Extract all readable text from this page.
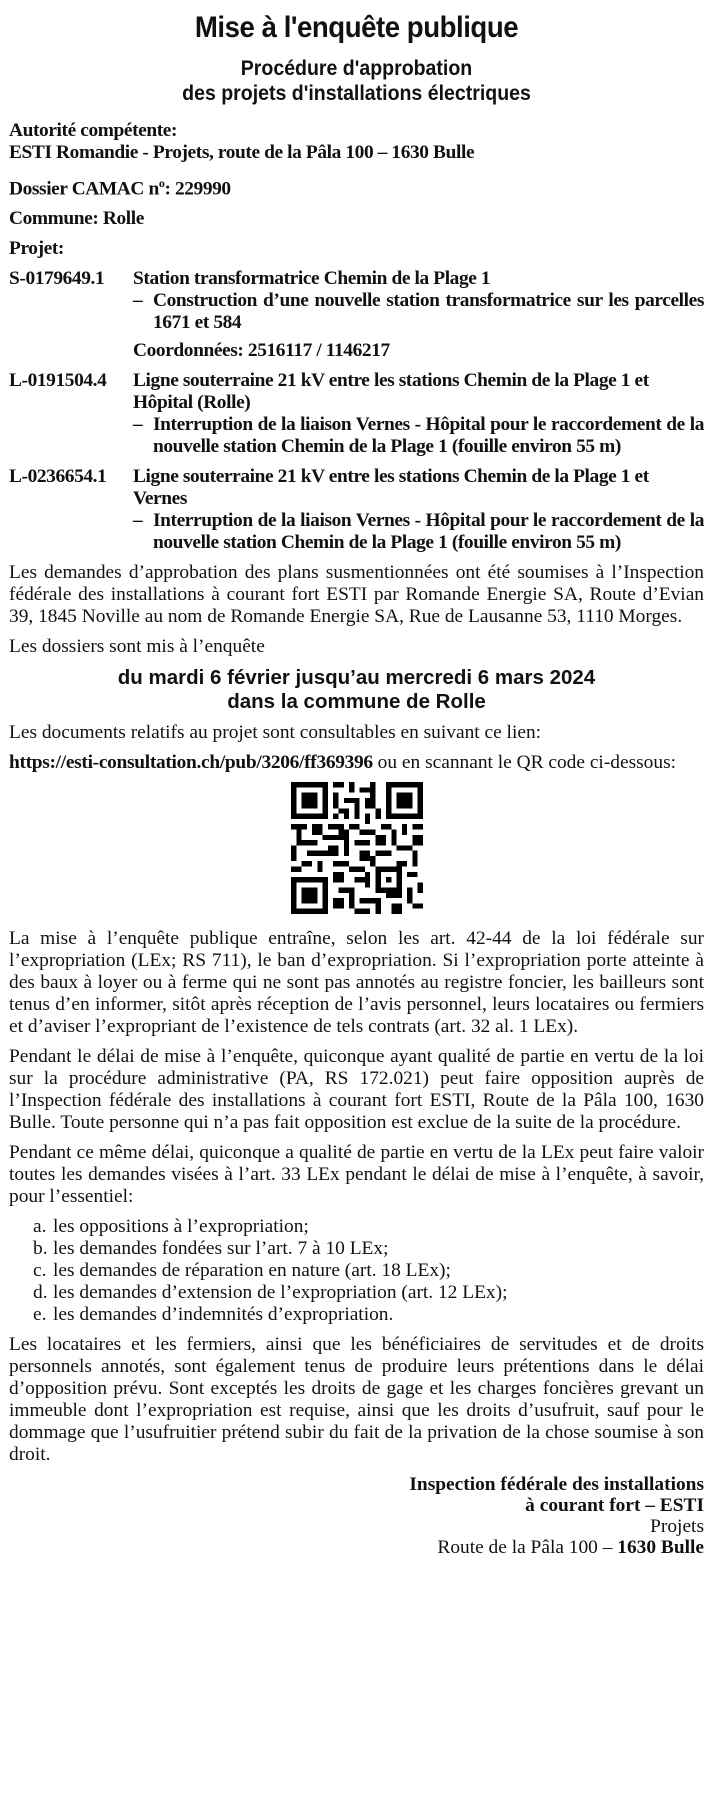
Mise à l'enquête publique
Procédure d'approbation
des projets d'installations électriques
Autorité compétente:
ESTI Romandie - Projets, route de la Pâla 100 – 1630 Bulle
Dossier CAMAC $n^o$: 229990
Commune: Rolle
Projet:
S-0179649.1	Station transformatrice Chemin de la Plage 1
– Construction d’une nouvelle station transformatrice sur les parcelles 1671 et 584
Coordonnées: 2516117 / 1146217
L-0191504.4	Ligne souterraine 21 kV entre les stations Chemin de la Plage 1 et Hôpital (Rolle)
– Interruption de la liaison Vernes - Hôpital pour le raccordement de la nouvelle station Chemin de la Plage 1 (fouille environ 55 m)
L-0236654.1	Ligne souterraine 21 kV entre les stations Chemin de la Plage 1 et Vernes
– Interruption de la liaison Vernes - Hôpital pour le raccordement de la nouvelle station Chemin de la Plage 1 (fouille environ 55 m)

Les demandes d’approbation des plans susmentionnées ont été soumises à l’Inspection fédérale des installations à courant fort ESTI par Romande Energie SA, Route d’Evian 39, 1845 Noville au nom de Romande Energie SA, Rue de Lausanne 53, 1110 Morges.

Les dossiers sont mis à l’enquête

du mardi 6 février jusqu’au mercredi 6 mars 2024
dans la commune de Rolle

Les documents relatifs au projet sont consultables en suivant ce lien:

https://esti-consultation.ch/pub/3206/ff369396 ou en scannant le QR code ci-dessous:

La mise à l’enquête publique entraîne, selon les art. 42-44 de la loi fédérale sur l’expropriation (LEx; RS 711), le ban d’expropriation. Si l’expropriation porte atteinte à des baux à loyer ou à ferme qui ne sont pas annotés au registre foncier, les bailleurs sont tenus d’en informer, sitôt après réception de l’avis personnel, leurs locataires ou fermiers et d’aviser l’expropriant de l’existence de tels contrats (art. 32 al. 1 LEx).

Pendant le délai de mise à l’enquête, quiconque ayant qualité de partie en vertu de la loi sur la procédure administrative (PA, RS 172.021) peut faire opposition auprès de l’Inspection fédérale des installations à courant fort ESTI, Route de la Pâla 100, 1630 Bulle. Toute personne qui n’a pas fait opposition est exclue de la suite de la procédure.

Pendant ce même délai, quiconque a qualité de partie en vertu de la LEx peut faire valoir toutes les demandes visées à l’art. 33 LEx pendant le délai de mise à l’enquête, à savoir, pour l’essentiel:

a. les oppositions à l’expropriation;
b. les demandes fondées sur l’art. 7 à 10 LEx;
c. les demandes de réparation en nature (art. 18 LEx);
d. les demandes d’extension de l’expropriation (art. 12 LEx);
e. les demandes d’indemnités d’expropriation.

Les locataires et les fermiers, ainsi que les bénéficiaires de servitudes et de droits personnels annotés, sont également tenus de produire leurs prétentions dans le délai d’opposition prévu. Sont exceptés les droits de gage et les charges foncières grevant un immeuble dont l’expropriation est requise, ainsi que les droits d’usufruit, sauf pour le dommage que l’usufruitier prétend subir du fait de la privation de la chose soumise à son droit.

Inspection fédérale des installations
à courant fort – ESTI
Projets
Route de la Pâla 100 – 1630 Bulle
